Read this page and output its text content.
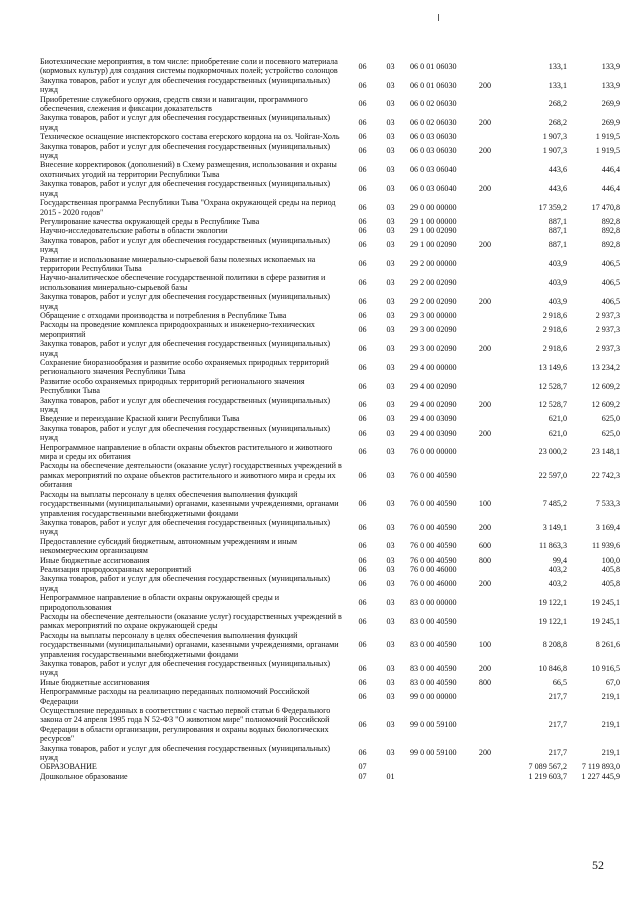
Биотехнические мероприятия, в том числе: приобретение соли и посевного материала (кормовых культур) для создания системы подкормочных полей; устройство солонцов
06	03	06 0 01 06030	133,1	133,9
Закупка товаров, работ и услуг для обеспечения государственных (муниципальных) нужд
06	03	06 0 01 06030	200	133,1	133,9
Приобретение служебного оружия, средств связи и навигации, программного обеспечения, слежения и фиксации доказательств
06	03	06 0 02 06030	268,2	269,9
Закупка товаров, работ и услуг для обеспечения государственных (муниципальных) нужд
06	03	06 0 02 06030	200	268,2	269,9
Техническое оснащение инспекторского состава егерского кордона на оз. Чойган-Холь	06	03	06 0 03 06030	1 907,3	1 919,5
Закупка товаров, работ и услуг для обеспечения государственных (муниципальных) нужд
06	03	06 0 03 06030	200	1 907,3	1 919,5
Внесение корректировок (дополнений) в Схему размещения, использования и охраны охотничьих угодий на территории Республики Тыва
06	03	06 0 03 06040	443,6	446,4
Закупка товаров, работ и услуг для обеспечения государственных (муниципальных) нужд
06	03	06 0 03 06040	200	443,6	446,4
Государственная программа Республики Тыва "Охрана окружающей среды на период 2015 - 2020 годов"
06	03	29 0 00 00000	17 359,2	17 470,8
Регулирование качества окружающей среды в Республике Тыва	06	03	29 1 00 00000	887,1	892,8
Научно-исследовательские работы в области экологии	06	03	29 1 00 02090	887,1	892,8
Закупка товаров, работ и услуг для обеспечения государственных (муниципальных) нужд
06	03	29 1 00 02090	200	887,1	892,8
Развитие и использование минерально-сырьевой базы полезных ископаемых на территории Республики Тыва
06	03	29 2 00 00000	403,9	406,5
Научно-аналитическое обеспечение государственной политики в сфере развития и использования минерально-сырьевой базы
06	03	29 2 00 02090	403,9	406,5
Закупка товаров, работ и услуг для обеспечения государственных (муниципальных) нужд
06	03	29 2 00 02090	200	403,9	406,5
Обращение с отходами производства и потребления в Республике Тыва	06	03	29 3 00 00000	2 918,6	2 937,3
Расходы на проведение комплекса природоохранных и инженерно-технических мероприятий
06	03	29 3 00 02090	2 918,6	2 937,3
Закупка товаров, работ и услуг для обеспечения государственных (муниципальных) нужд
06	03	29 3 00 02090	200	2 918,6	2 937,3
Сохранение биоразнообразия и развитие особо охраняемых природных территорий регионального значения Республики Тыва
06	03	29 4 00 00000	13 149,6	13 234,2
Развитие особо охраняемых природных территорий регионального значения Республики Тыва
06	03	29 4 00 02090	12 528,7	12 609,2
Закупка товаров, работ и услуг для обеспечения государственных (муниципальных) нужд
06	03	29 4 00 02090	200	12 528,7	12 609,2
Введение и переиздание Красной книги Республики Тыва	06	03	29 4 00 03090	621,0	625,0
Закупка товаров, работ и услуг для обеспечения государственных (муниципальных) нужд
06	03	29 4 00 03090	200	621,0	625,0
Непрограммное направление в области охраны объектов растительного и животного мира и среды их обитания
06	03	76 0 00 00000	23 000,2	23 148,1
Расходы на обеспечение деятельности (оказание услуг) государственных учреждений в рамках мероприятий по охране объектов растительного и животного мира и среды их обитания
06	03	76 0 00 40590	22 597,0	22 742,3
Расходы на выплаты персоналу в целях обеспечения выполнения функций государственными (муниципальными) органами, казенными учреждениями, органами управления государственными внебюджетными фондами
06	03	76 0 00 40590	100	7 485,2	7 533,3
Закупка товаров, работ и услуг для обеспечения государственных (муниципальных) нужд
06	03	76 0 00 40590	200	3 149,1	3 169,4
Предоставление субсидий бюджетным, автономным учреждениям и иным некоммерческим организациям
06	03	76 0 00 40590	600	11 863,3	11 939,6
Иные бюджетные ассигнования	06	03	76 0 00 40590	800	99,4	100,0
Реализация природоохранных мероприятий	06	03	76 0 00 46000	403,2	405,8
Закупка товаров, работ и услуг для обеспечения государственных (муниципальных) нужд
06	03	76 0 00 46000	200	403,2	405,8
Непрограммное направление в области охраны окружающей среды и природопользования
06	03	83 0 00 00000	19 122,1	19 245,1
Расходы на обеспечение деятельности (оказание услуг) государственных учреждений в рамках мероприятий по охране окружающей среды
06	03	83 0 00 40590	19 122,1	19 245,1
Расходы на выплаты персоналу в целях обеспечения выполнения функций государственными (муниципальными) органами, казенными учреждениями, органами управления государственными внебюджетными фондами
06	03	83 0 00 40590	100	8 208,8	8 261,6
Закупка товаров, работ и услуг для обеспечения государственных (муниципальных) нужд
06	03	83 0 00 40590	200	10 846,8	10 916,5
Иные бюджетные ассигнования	06	03	83 0 00 40590	800	66,5	67,0
Непрограммные расходы на реализацию переданных полномочий Российской Федерации
06	03	99 0 00 00000	217,7	219,1
Осуществление переданных в соответствии с частью первой статьи 6 Федерального закона от 24 апреля 1995 года N 52-ФЗ "О животном мире" полномочий Российской Федерации в области организации, регулирования и охраны водных биологических ресурсов"
06	03	99 0 00 59100	217,7	219,1
Закупка товаров, работ и услуг для обеспечения государственных (муниципальных) нужд
06	03	99 0 00 59100	200	217,7	219,1
ОБРАЗОВАНИЕ	07	7 089 567,2	7 119 893,0
Дошкольное образование	07	01	1 219 603,7	1 227 445,9
52
